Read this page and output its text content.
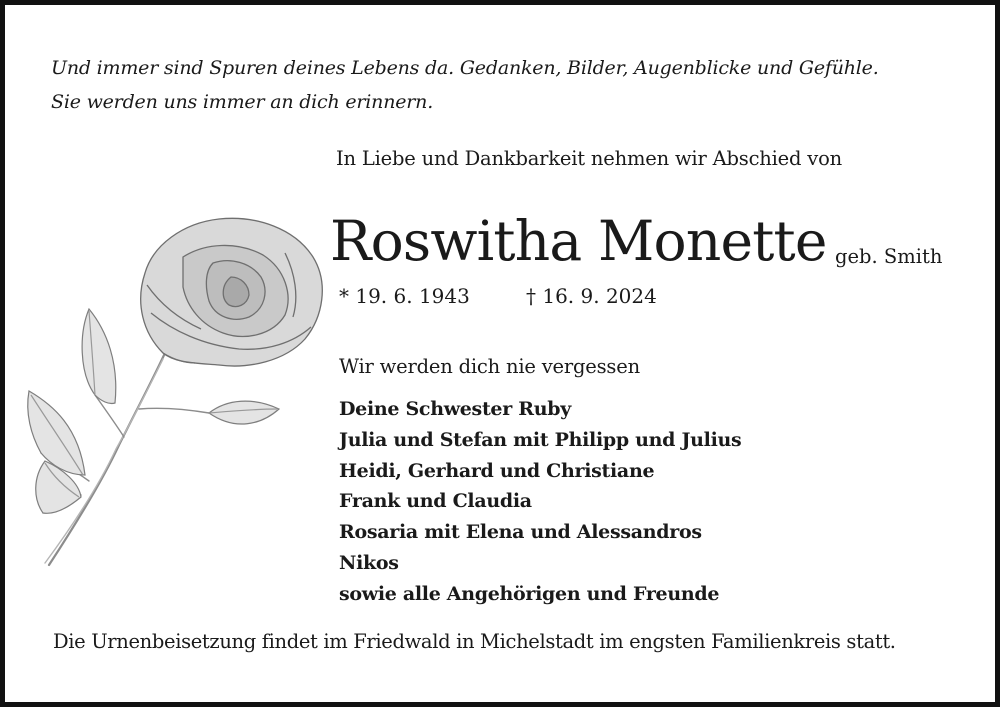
Und immer sind Spuren deines Lebens da. Gedanken, Bilder, Augenblicke und Gefühle.
Sie werden uns immer an dich erinnern.
In Liebe und Dankbarkeit nehmen wir Abschied von
Roswitha Monette geb. Smith
* 19. 6. 1943	† 16. 9. 2024
Wir werden dich nie vergessen
Deine Schwester Ruby
Julia und Stefan mit Philipp und Julius
Heidi, Gerhard und Christiane
Frank und Claudia
Rosaria mit Elena und Alessandros
Nikos
sowie alle Angehörigen und Freunde
Die Urnenbeisetzung findet im Friedwald in Michelstadt im engsten Familienkreis statt.
